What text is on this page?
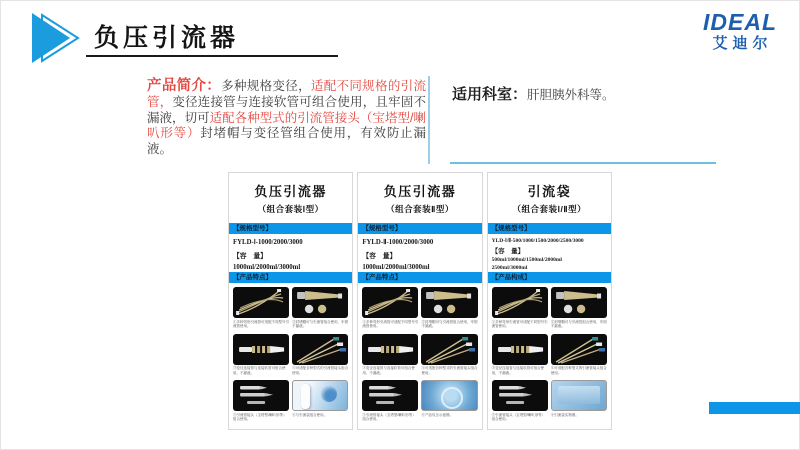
负压引流器
IDEAL
艾迪尔
产品简介：多种规格变径，适配不同规格的引流管，变径连接管与连接软管可组合使用，且牢固不漏液，切可适配各种型式的引流管接头（宝塔型/喇叭形等）封堵帽与变径管组合使用，有效防止漏液。
适用科室：肝胆胰外科等。
负压引流器
（组合套装Ⅰ型）
【规格型号】
FYLD-Ⅰ-1000/2000/3000
【容　量】
1000ml/2000ml/3000ml
【产品特点】
①多种弯形引流管可适配不同型号引流管使用。
②封堵帽可与引流管组合使用，牢固不漏液。
③变径连接管与连接软管可组合使用，不漏液。
④可适配各种型式的引流管接头组合使用。
⑤引流管接头（宝塔型/喇叭形等）组合使用。
⑥与引流袋组合使用。
负压引流器
（组合套装Ⅱ型）
【规格型号】
FYLD-Ⅱ-1000/2000/3000
【容　量】
1000ml/2000ml/3000ml
【产品特点】
①多种弯形引流管可适配不同型号引流管使用。
②封堵帽可与引流管组合使用，牢固不漏液。
③变径连接管与连接软管可组合使用，不漏液。
④可适配各种型式的引流管接头组合使用。
⑤引流管接头（宝塔型/喇叭形等）组合使用。
⑥产品负压示意图。
引流袋
（组合套装Ⅰ/Ⅱ型）
【规格型号】
YLD-Ⅰ/Ⅱ-500/1000/1500/2000/2500/3000
【容　量】
500ml/1000ml/1500ml/2000ml
2500ml/3000ml
【产品构成】
①多种弯形引流管可适配不同型号引流管使用。
②封堵帽可与引流管组合使用，牢固不漏液。
③变径连接管与连接软管可组合使用，不漏液。
④可适配各种型式的引流管接头组合使用。
⑤引流管接头（宝塔型/喇叭形等）组合使用。
⑥引流袋实物图。
